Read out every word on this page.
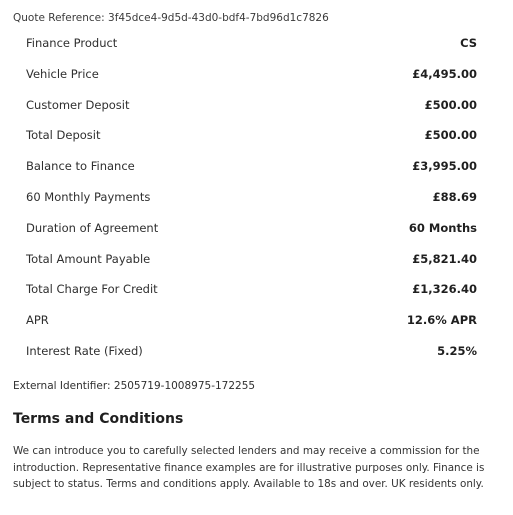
Quote Reference: 3f45dce4-9d5d-43d0-bdf4-7bd96d1c7826
Finance Product	CS
Vehicle Price	£4,495.00
Customer Deposit	£500.00
Total Deposit	£500.00
Balance to Finance	£3,995.00
60 Monthly Payments	£88.69
Duration of Agreement	60 Months
Total Amount Payable	£5,821.40
Total Charge For Credit	£1,326.40
APR	12.6% APR
Interest Rate (Fixed)	5.25%
External Identifier: 2505719-1008975-172255
Terms and Conditions

We can introduce you to carefully selected lenders and may receive a commission for the introduction. Representative finance examples are for illustrative purposes only. Finance is subject to status. Terms and conditions apply. Available to 18s and over. UK residents only.
